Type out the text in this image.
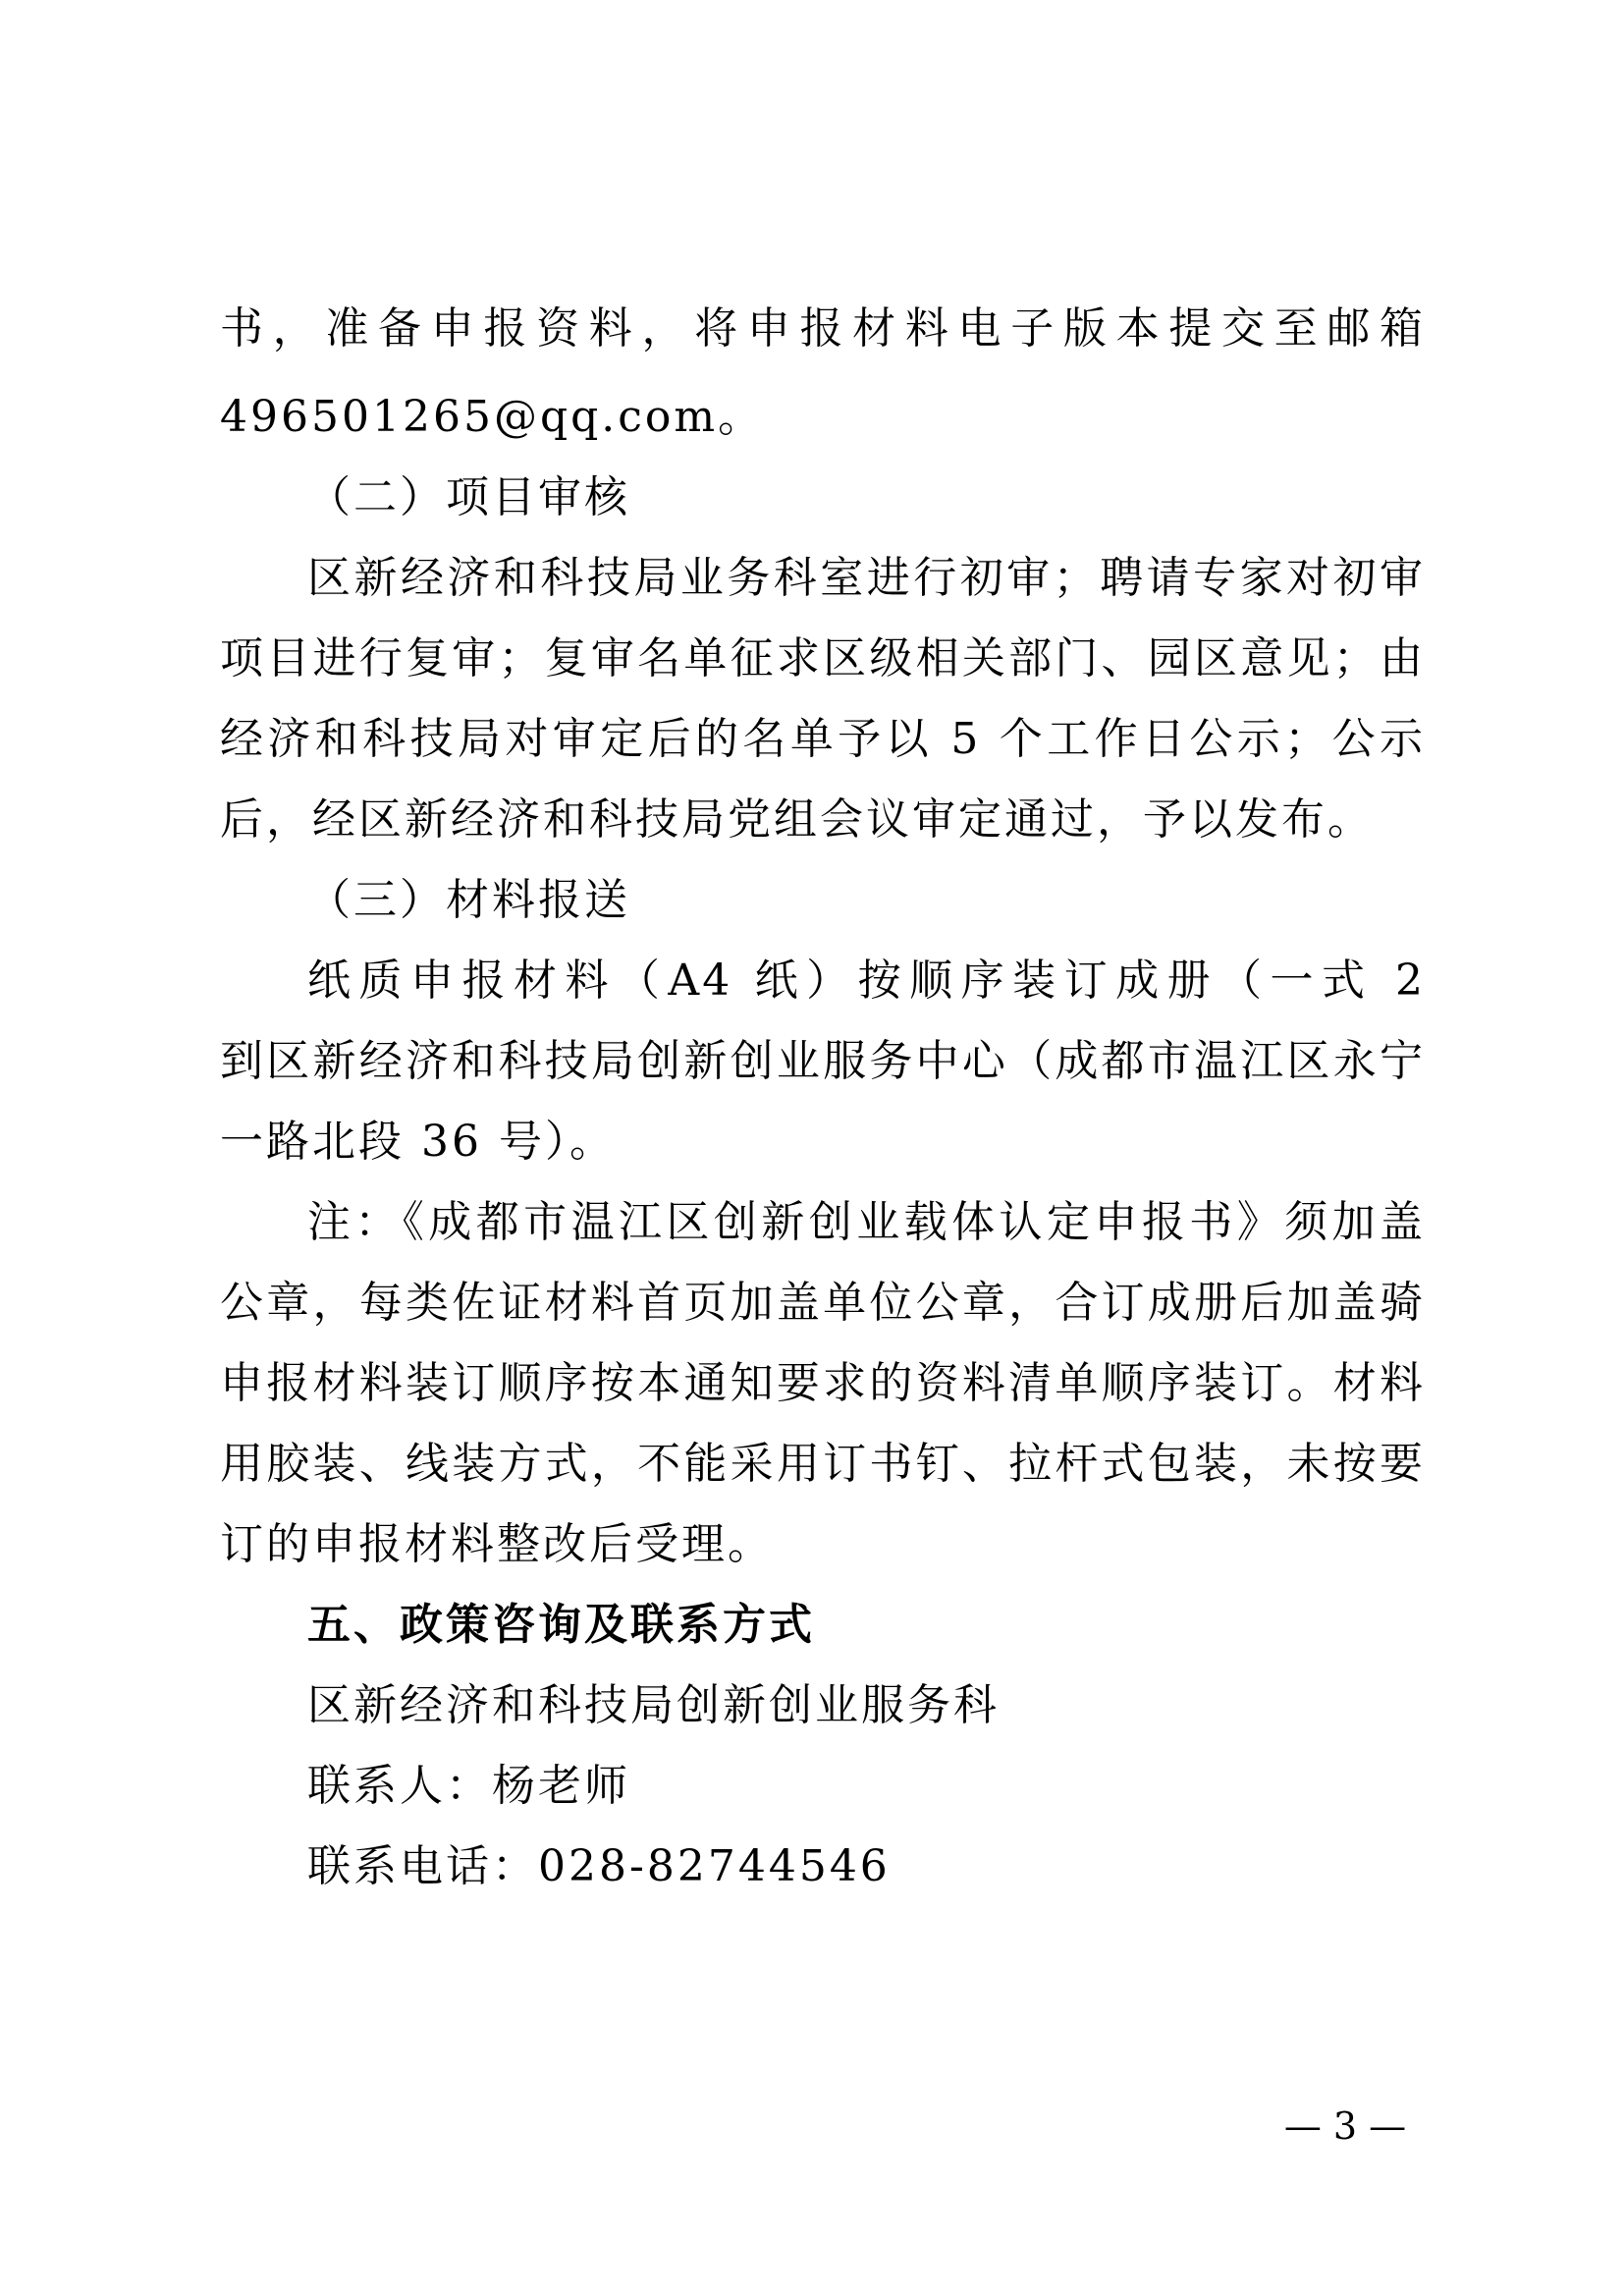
书，准备申报资料，将申报材料电子版本提交至邮箱
496501265@qq.com。
（二）项目审核
区新经济和科技局业务科室进行初审；聘请专家对初审
项目进行复审；复审名单征求区级相关部门、园区意见；由
经济和科技局对审定后的名单予以 5 个工作日公示；公示
后，经区新经济和科技局党组会议审定通过，予以发布。
（三）材料报送
纸质申报材料（A4 纸）按顺序装订成册（一式 2
到区新经济和科技局创新创业服务中心（成都市温江区永宁
一路北段 36 号）。
注：《成都市温江区创新创业载体认定申报书》须加盖
公章，每类佐证材料首页加盖单位公章，合订成册后加盖骑
申报材料装订顺序按本通知要求的资料清单顺序装订。材料
用胶装、线装方式，不能采用订书钉、拉杆式包装，未按要
订的申报材料整改后受理。
五、政策咨询及联系方式
区新经济和科技局创新创业服务科
联系人：杨老师
联系电话：028-82744546
— 3 —
